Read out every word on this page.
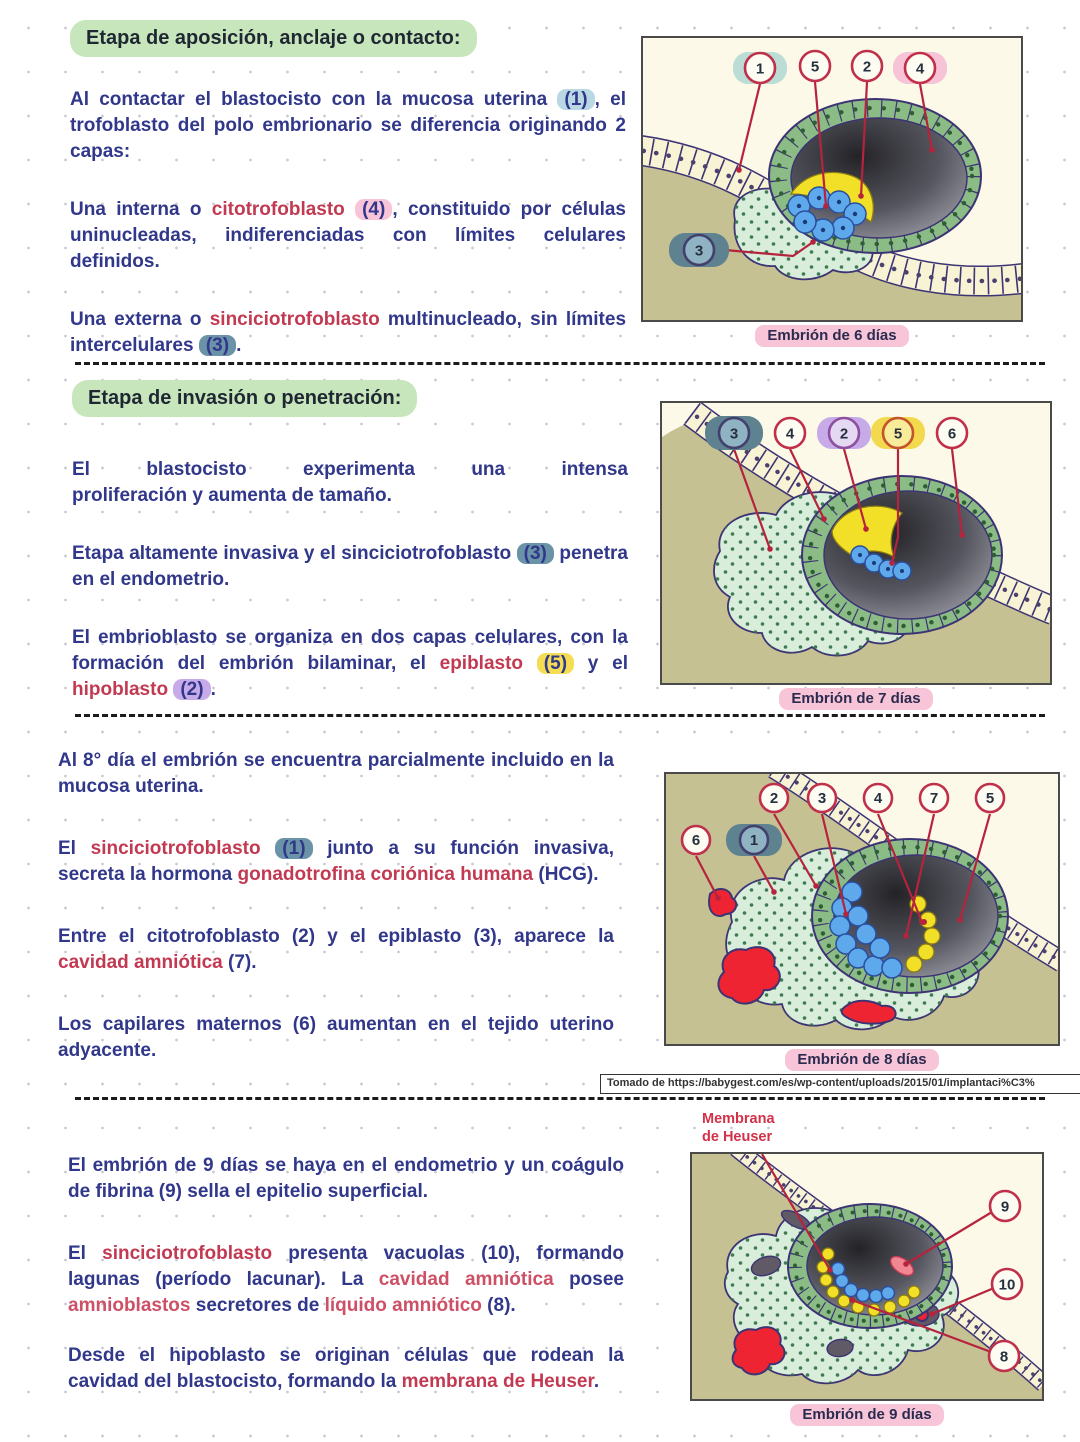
Etapa de aposición, anclaje o contacto:

Al contactar el blastocisto con la mucosa uterina (1) , el trofoblasto del polo embrionario se diferencia originando 2 capas:

Una interna o citotrofoblasto (4) , constituido por células uninucleadas, indiferenciadas con límites celulares definidos.

Una externa o sinciciotrofoblasto multinucleado, sin límites intercelulares (3) .

1	5	2	4
3
Embrión de 6 días
Etapa de invasión o penetración:

El blastocisto experimenta una intensa
proliferación y aumenta de tamaño.

Etapa altamente invasiva y el sinciciotrofoblasto (3) penetra en el endometrio.

El embrioblasto se organiza en dos capas celulares, con la formación del embrión bilaminar, el epiblasto (5) y el hipoblasto (2) .

3	4	2	5	6
Embrión de 7 días

Al 8° día el embrión se encuentra parcialmente incluido en la mucosa uterina.

El sinciciotrofoblasto (1) junto a su función invasiva, secreta la hormona gonadotrofina coriónica humana (HCG).

Entre el citotrofoblasto (2) y el epiblasto (3), aparece la cavidad amniótica (7).

Los capilares maternos (6) aumentan en el tejido uterino adyacente.

2	3	4	7	5
6	1
Embrión de 8 días
Tomado de https://babygest.com/es/wp-content/uploads/2015/01/implantaci%C3%

El embrión de 9 días se haya en el endometrio y un coágulo de fibrina (9) sella el epitelio superficial.

El sinciciotrofoblasto presenta vacuolas (10), formando lagunas (período lacunar). La cavidad amniótica posee amnioblastos secretores de líquido amniótico (8).

Desde el hipoblasto se originan células que rodean la cavidad del blastocisto, formando la membrana de Heuser.

Membrana
de Heuser
9
10
8
Embrión de 9 días
